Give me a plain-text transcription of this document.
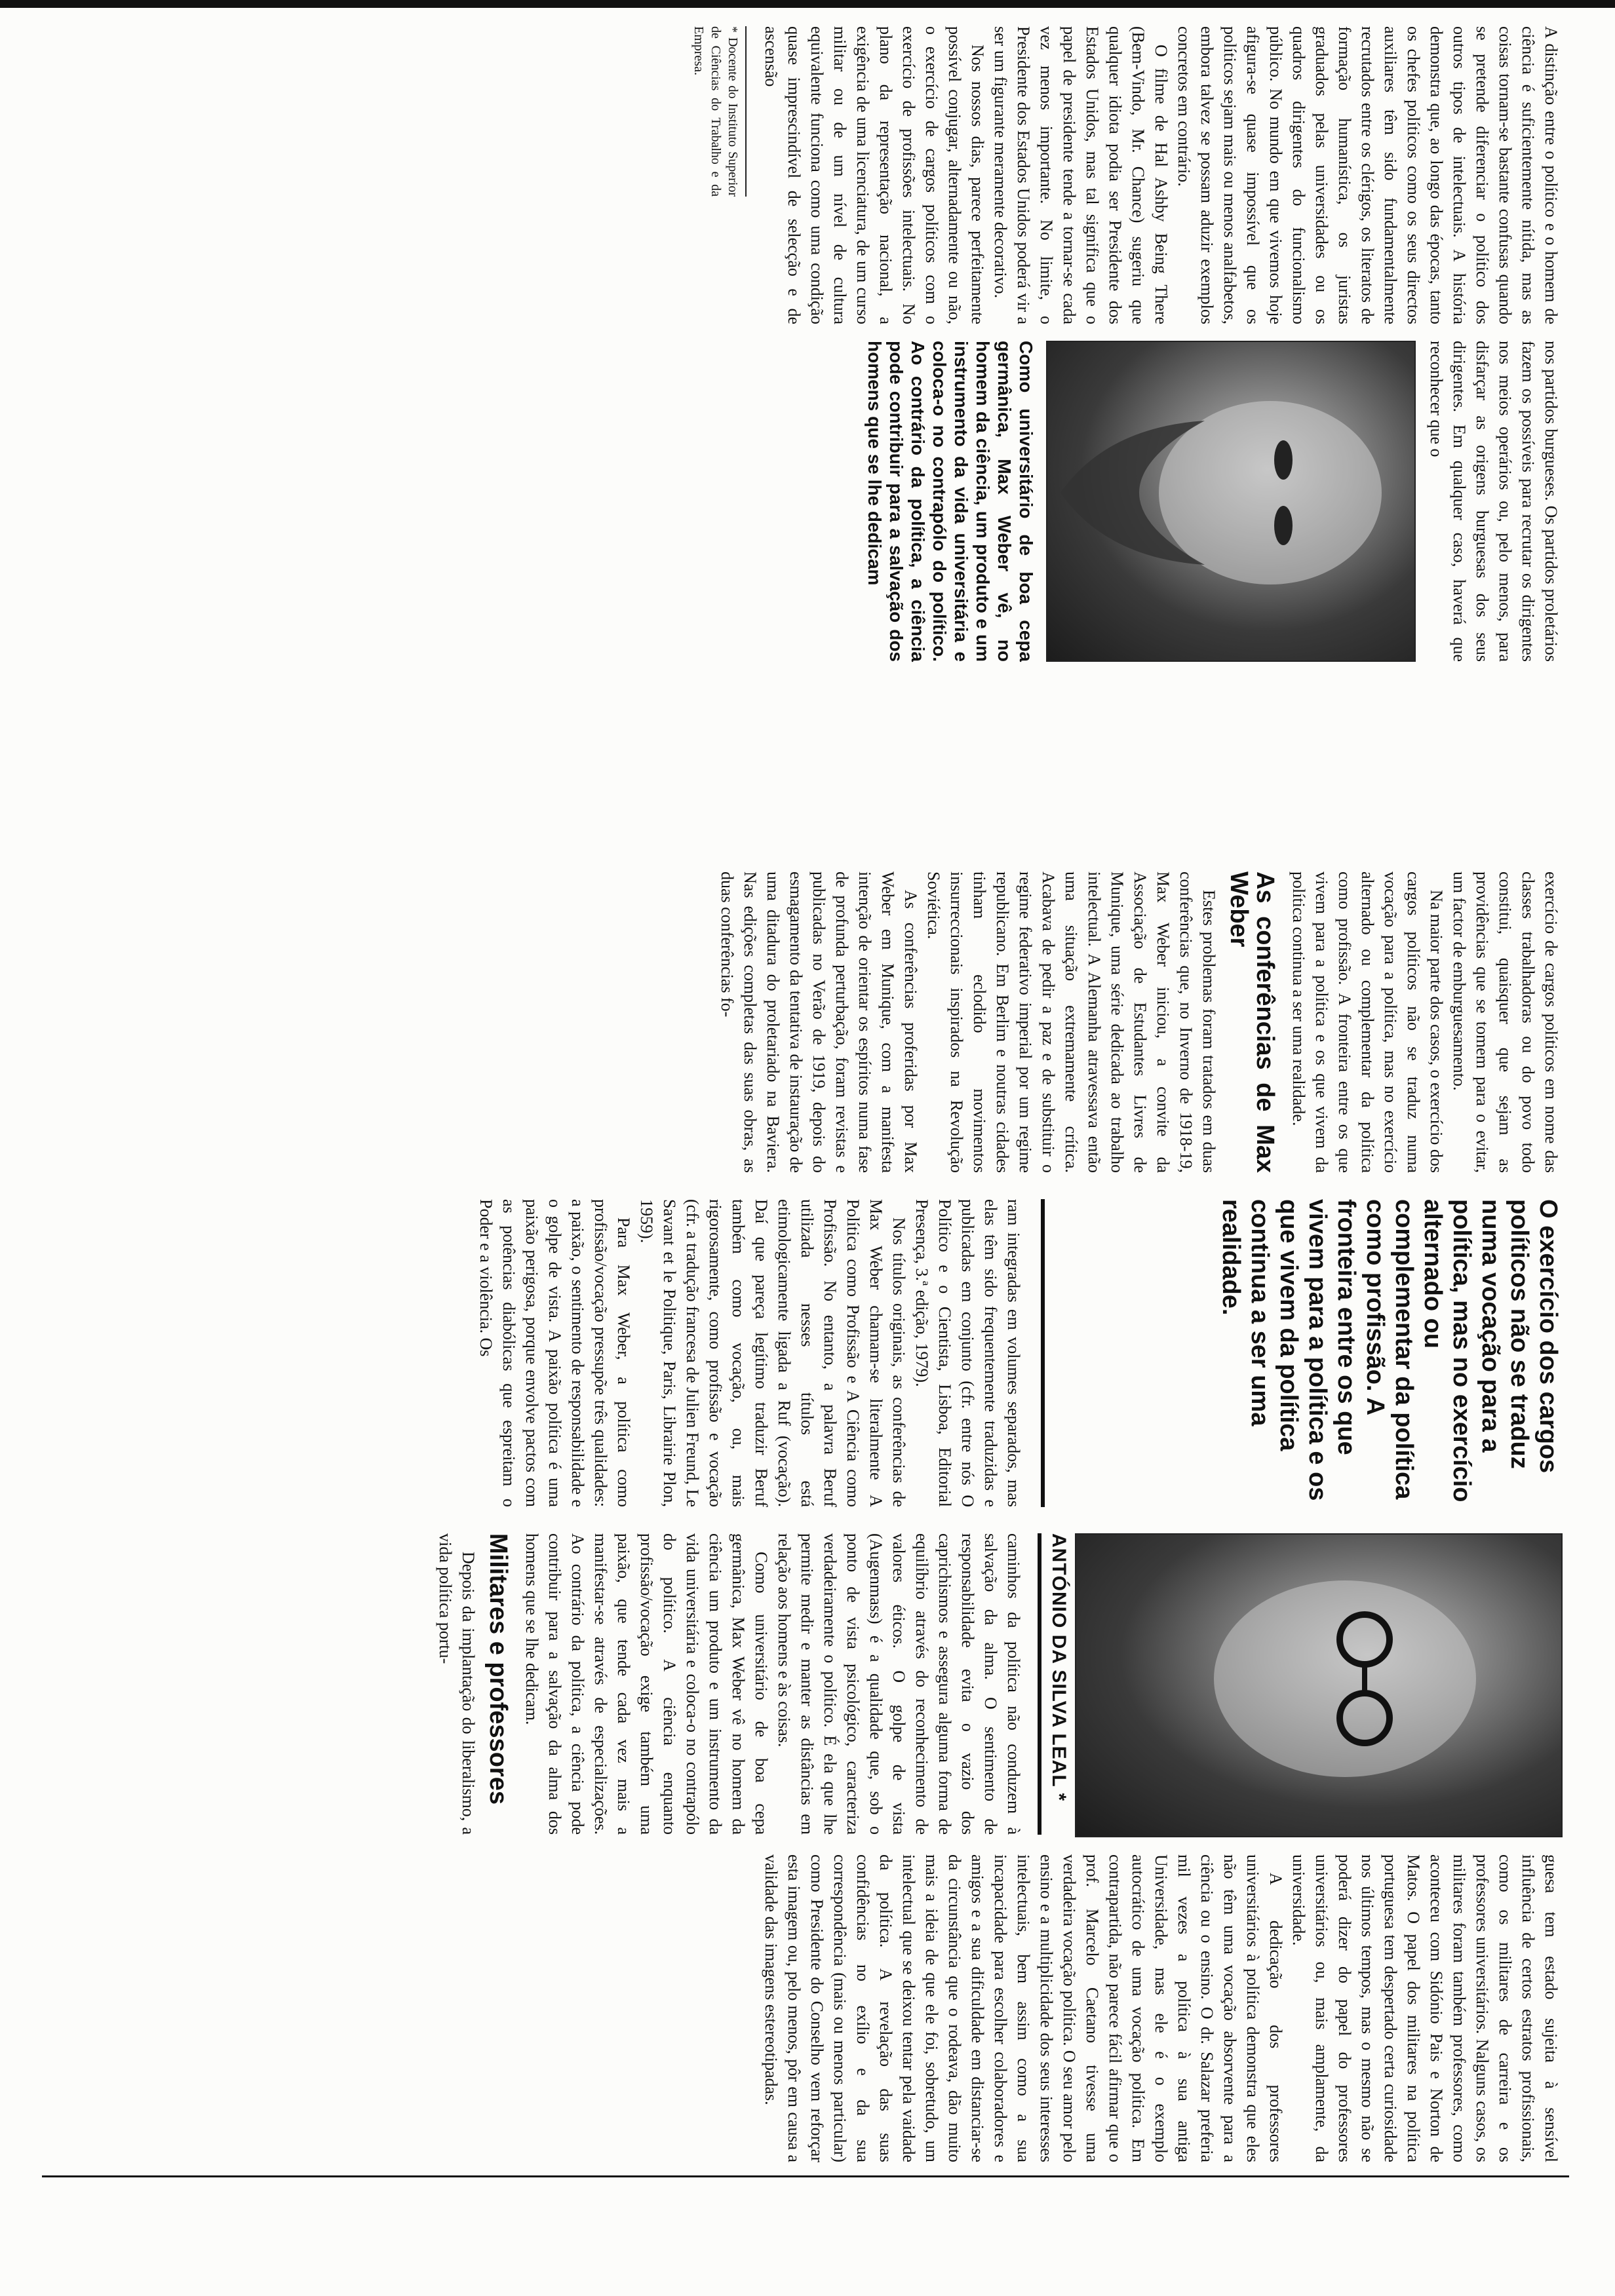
A distinção entre o político e o homem de ciência é suficientemente nítida, mas as coisas tornam-se bastante confusas quando se pretende diferenciar o político dos outros tipos de intelectuais. A história demonstra que, ao longo das épocas, tanto os chefes políticos como os seus directos auxiliares têm sido fundamentalmente recrutados entre os clérigos, os literatos de formação humanística, os juristas graduados pelas universidades ou os quadros dirigentes do funcionalismo público. No mundo em que vivemos hoje afigura-se quase impossível que os políticos sejam mais ou menos analfabetos, embora talvez se possam aduzir exemplos concretos em contrário.

O filme de Hal Ashby Being There (Bem-Vindo, Mr. Chance) sugeriu que qualquer idiota podia ser Presidente dos Estados Unidos, mas tal significa que o papel de presidente tende a tornar-se cada vez menos importante. No limite, o Presidente dos Estados Unidos poderá vir a ser um figurante meramente decorativo.

Nos nossos dias, parece perfeitamente possível conjugar, alternadamente ou não, o exercício de cargos políticos com o exercício de profissões intelectuais. No plano da representação nacional, a exigência de uma licenciatura, de um curso militar ou de um nível de cultura equivalente funciona como uma condição quase imprescindível de selecção e de ascensão

* Docente do Instituto Superior de Ciências do Trabalho e da Empresa.

nos partidos burgueses. Os partidos proletários fazem os possíveis para recrutar os dirigentes nos meios operários ou, pelo menos, para disfarçar as origens burguesas dos seus dirigentes. Em qualquer caso, haverá que reconhecer que o

Como universitário de boa cepa germânica, Max Weber vê, no homem da ciência, um produto e um instrumento da vida universitária e coloca-o no contrapólo do político. Ao contrário da política, a ciência pode contribuir para a salvação dos homens que se lhe dedicam

exercício de cargos políticos em nome das classes trabalhadoras ou do povo todo constitui, quaisquer que sejam as providências que se tomem para o evitar, um factor de emburguesamento.

Na maior parte dos casos, o exercício dos cargos políticos não se traduz numa vocação para a política, mas no exercício alternado ou complementar da política como profissão. A fronteira entre os que vivem para a política e os que vivem da política continua a ser uma realidade.

As conferências de Max Weber

Estes problemas foram tratados em duas conferências que, no Inverno de 1918-19, Max Weber iniciou, a convite da Associação de Estudantes Livres de Munique, uma série dedicada ao trabalho intelectual. A Alemanha atravessava então uma situação extremamente crítica. Acabava de pedir a paz e de substituir o regime federativo imperial por um regime republicano. Em Berlim e noutras cidades tinham eclodido movimentos insurreccionais inspirados na Revolução Soviética.

As conferências proferidas por Max Weber em Munique, com a manifesta intenção de orientar os espíritos numa fase de profunda perturbação, foram revistas e publicadas no Verão de 1919, depois do esmagamento da tentativa de instauração de uma ditadura do proletariado na Baviera. Nas edições completas das suas obras, as duas conferências fo-

O exercício dos cargos políticos não se traduz numa vocação para a política, mas no exercício alternado ou complementar da política como profissão. A fronteira entre os que vivem para a política e os que vivem da política continua a ser uma realidade.

ram integradas em volumes separados, mas elas têm sido frequentemente traduzidas e publicadas em conjunto (cfr. entre nós O Político e o Cientista, Lisboa, Editorial Presença, 3.ª edição, 1979).

Nos títulos originais, as conferências de Max Weber chamam-se literalmente A Política como Profissão e A Ciência como Profissão. No entanto, a palavra Beruf utilizada nesses títulos está etimologicamente ligada a Ruf (vocação). Daí que pareça legítimo traduzir Beruf também como vocação, ou, mais rigorosamente, como profissão e vocação (cfr. a tradução francesa de Julien Freund, Le Savant et le Politique, Paris, Librairie Plon, 1959).

Para Max Weber, a política como profissão/vocação pressupõe três qualidades: a paixão, o sentimento de responsabilidade e o golpe de vista. A paixão política é uma paixão perigosa, porque envolve pactos com as potências diabólicas que espreitam o Poder e a violência. Os

ANTÓNIO DA SILVA LEAL *

caminhos da política não conduzem à salvação da alma. O sentimento de responsabilidade evita o vazio dos caprichismos e assegura alguma forma de equilíbrio através do reconhecimento de valores éticos. O golpe de vista (Augenmass) é a qualidade que, sob o ponto de vista psicológico, caracteriza verdadeiramente o político. É ela que lhe permite medir e manter as distâncias em relação aos homens e às coisas.

Como universitário de boa cepa germânica, Max Weber vê no homem da ciência um produto e um instrumento da vida universitária e coloca-o no contrapólo do político. A ciência enquanto profissão/vocação exige também uma paixão, que tende cada vez mais a manifestar-se através de especializações. Ao contrário da política, a ciência pode contribuir para a salvação da alma dos homens que se lhe dedicam.

Militares e professores

Depois da implantação do liberalismo, a vida política portu-

guesa tem estado sujeita à sensível influência de certos estratos profissionais, como os militares de carreira e os professores universitários. Nalguns casos, os militares foram também professores, como aconteceu com Sidónio Pais e Norton de Matos. O papel dos militares na política portuguesa tem despertado certa curiosidade nos últimos tempos, mas o mesmo não se poderá dizer do papel do professores universitários ou, mais amplamente, da universidade.

A dedicação dos professores universitários à política demonstra que eles não têm uma vocação absorvente para a ciência ou o ensino. O dr. Salazar preferia mil vezes a política à sua antiga Universidade, mas ele é o exemplo autocrático de uma vocação política. Em contrapartida, não parece fácil afirmar que o prof. Marcelo Caetano tivesse uma verdadeira vocação política. O seu amor pelo ensino e a multiplicidade dos seus interesses intelectuais, bem assim como a sua incapacidade para escolher colaboradores e amigos e a sua dificuldade em distanciar-se da circunstância que o rodeava, dão muito mais a ideia de que ele foi, sobretudo, um intelectual que se deixou tentar pela vaidade da política. A revelação das suas confidências no exílio e da sua correspondência (mais ou menos particular) como Presidente do Conselho vem reforçar esta imagem ou, pelo menos, pôr em causa a validade das imagens estereotipadas.
